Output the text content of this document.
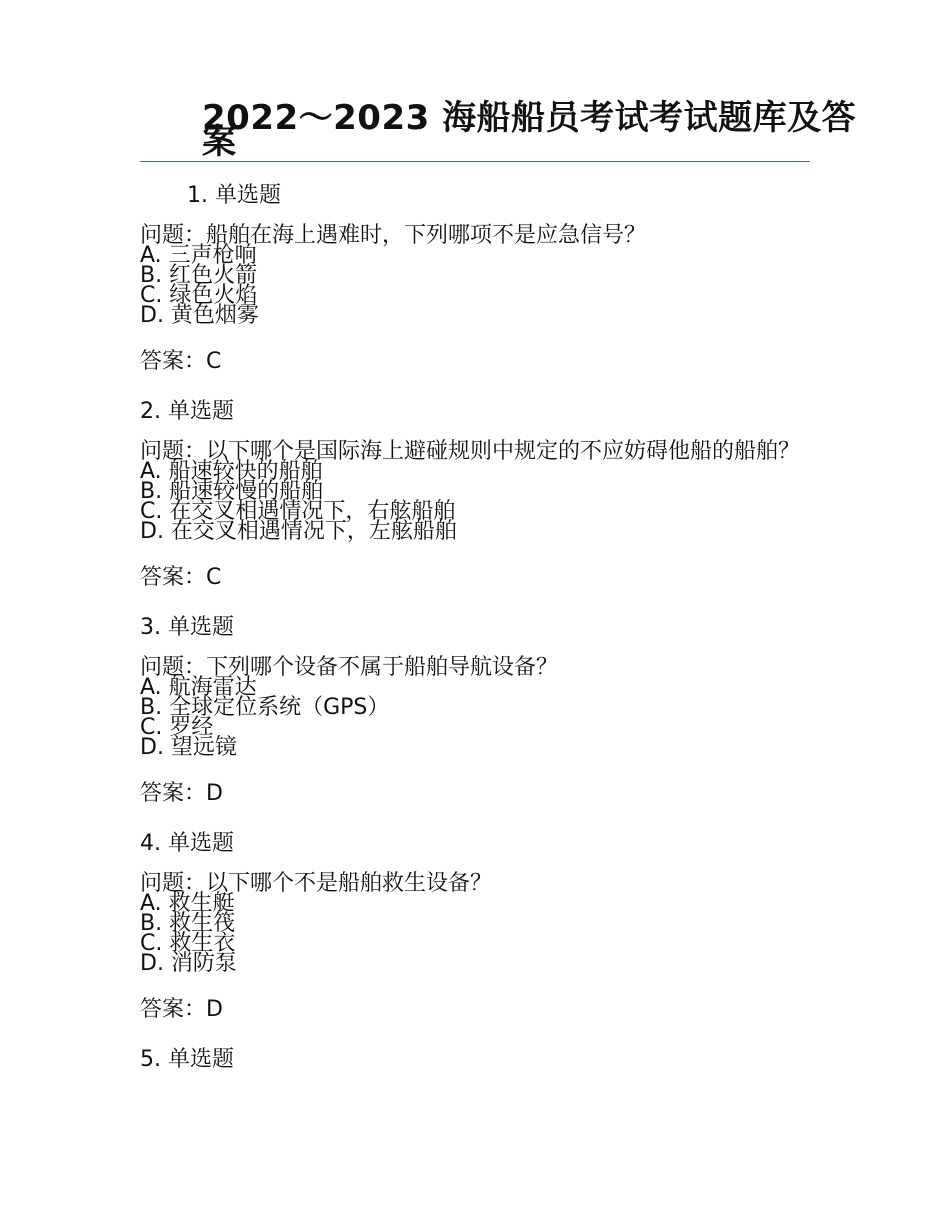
2022～2023 海船船员考试考试题库及答案

1. 单选题

问题：船舶在海上遇难时，下列哪项不是应急信号？

A. 三声枪响

B. 红色火箭

C. 绿色火焰

D. 黄色烟雾

答案：C

2. 单选题

问题：以下哪个是国际海上避碰规则中规定的不应妨碍他船的船舶？

A. 船速较快的船舶

B. 船速较慢的船舶

C. 在交叉相遇情况下，右舷船舶

D. 在交叉相遇情况下，左舷船舶

答案：C

3. 单选题

问题：下列哪个设备不属于船舶导航设备？

A. 航海雷达

B. 全球定位系统（GPS）

C. 罗经

D. 望远镜

答案：D

4. 单选题

问题：以下哪个不是船舶救生设备？

A. 救生艇

B. 救生筏

C. 救生衣

D. 消防泵

答案：D

5. 单选题
